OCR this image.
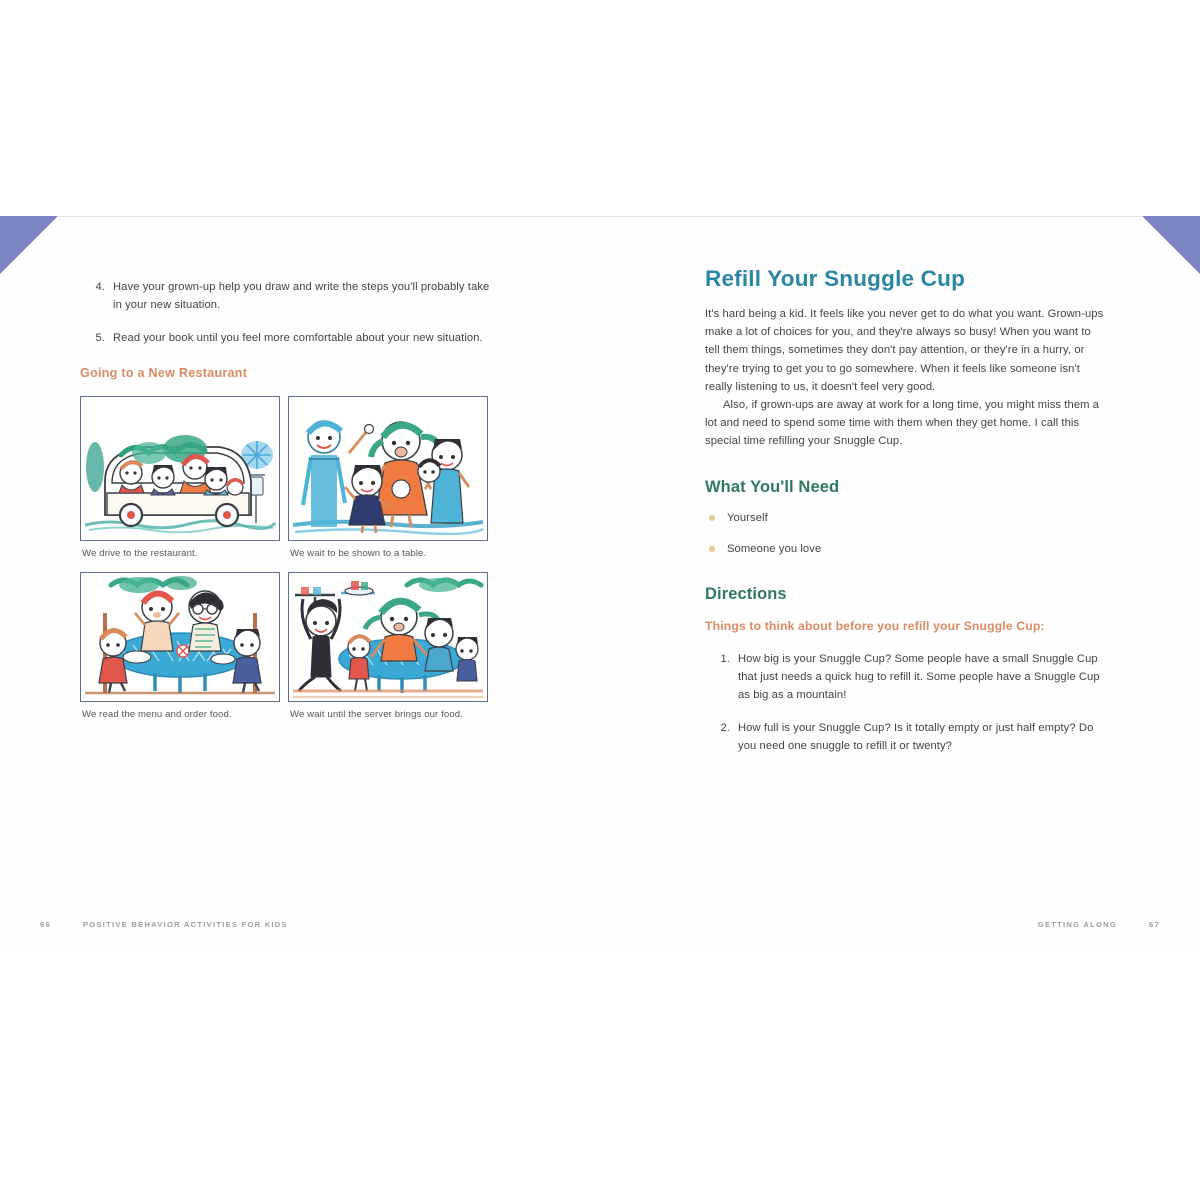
4. Have your grown-up help you draw and write the steps you'll probably take in your new situation.
5. Read your book until you feel more comfortable about your new situation.
Going to a New Restaurant
We drive to the restaurant.	We wait to be shown to a table.
We read the menu and order food.	We wait until the server brings our food.
66	POSITIVE BEHAVIOR ACTIVITIES FOR KIDS
Refill Your Snuggle Cup

It's hard being a kid. It feels like you never get to do what you want. Grown-ups make a lot of choices for you, and they're always so busy! When you want to tell them things, sometimes they don't pay attention, or they're in a hurry, or they're trying to get you to go somewhere. When it feels like someone isn't really listening to us, it doesn't feel very good.

Also, if grown-ups are away at work for a long time, you might miss them a lot and need to spend some time with them when they get home. I call this special time refilling your Snuggle Cup.

What You'll Need
Yourself
Someone you love
Directions
Things to think about before you refill your Snuggle Cup:
1. How big is your Snuggle Cup? Some people have a small Snuggle Cup that just needs a quick hug to refill it. Some people have a Snuggle Cup as big as a mountain!
2. How full is your Snuggle Cup? Is it totally empty or just half empty? Do you need one snuggle to refill it or twenty?
GETTING ALONG	67
